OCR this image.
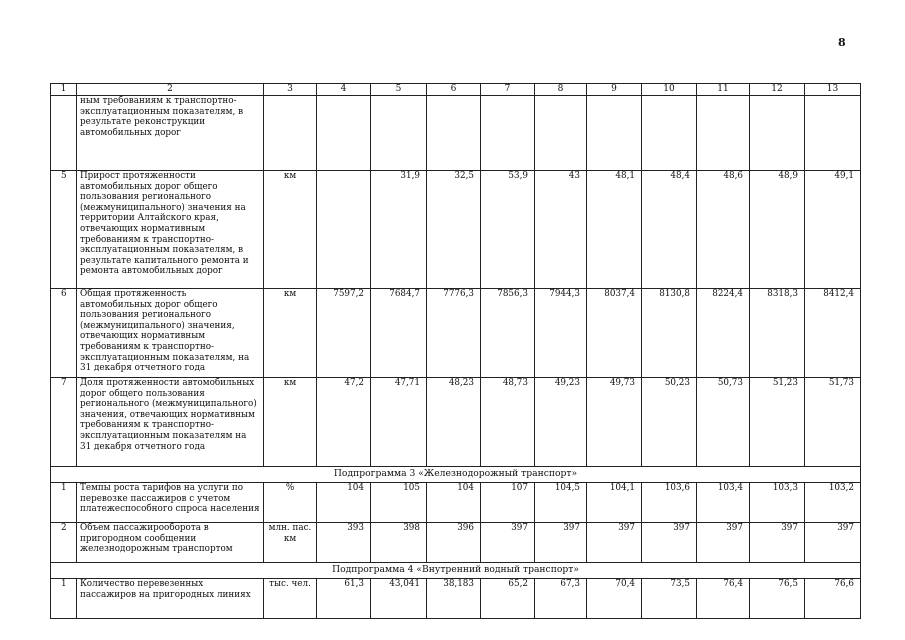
8
1	2	3	4	5	6	7	8	9	10	11	12	13
	ным требованиям к транспортно-эксплуатационным показателям, в результате реконструкции автомобильных дорог											
5	Прирост протяженности автомобильных дорог общего пользования регионального (межмуниципального) значения на территории Алтайского края, отвечающих нормативным требованиям к транспортно-эксплуатационным показателям, в результате капитального ремонта и ремонта автомобильных дорог	км		31,9	32,5	53,9	43	48,1	48,4	48,6	48,9	49,1
6	Общая протяженность автомобильных дорог общего пользования регионального (межмуниципального) значения, отвечающих нормативным требованиям к транспортно-эксплуатационным показателям, на 31 декабря отчетного года	км	7597,2	7684,7	7776,3	7856,3	7944,3	8037,4	8130,8	8224,4	8318,3	8412,4
7	Доля протяженности автомобильных дорог общего пользования регионального (межмуниципального) значения, отвечающих нормативным требованиям к транспортно-эксплуатационным показателям на 31 декабря отчетного года	км	47,2	47,71	48,23	48,73	49,23	49,73	50,23	50,73	51,23	51,73
Подпрограмма 3 «Железнодорожный транспорт»												
1	Темпы роста тарифов на услуги по перевозке пассажиров с учетом платежеспособного спроса населения	%	104	105	104	107	104,5	104,1	103,6	103,4	103,3	103,2
2	Объем пассажирооборота в пригородном сообщении железнодорожным транспортом	млн. пас. км	393	398	396	397	397	397	397	397	397	397
Подпрограмма 4 «Внутренний водный транспорт»												
1	Количество перевезенных пассажиров на пригородных линиях	тыс. чел.	61,3	43,041	38,183	65,2	67,3	70,4	73,5	76,4	76,5	76,6
